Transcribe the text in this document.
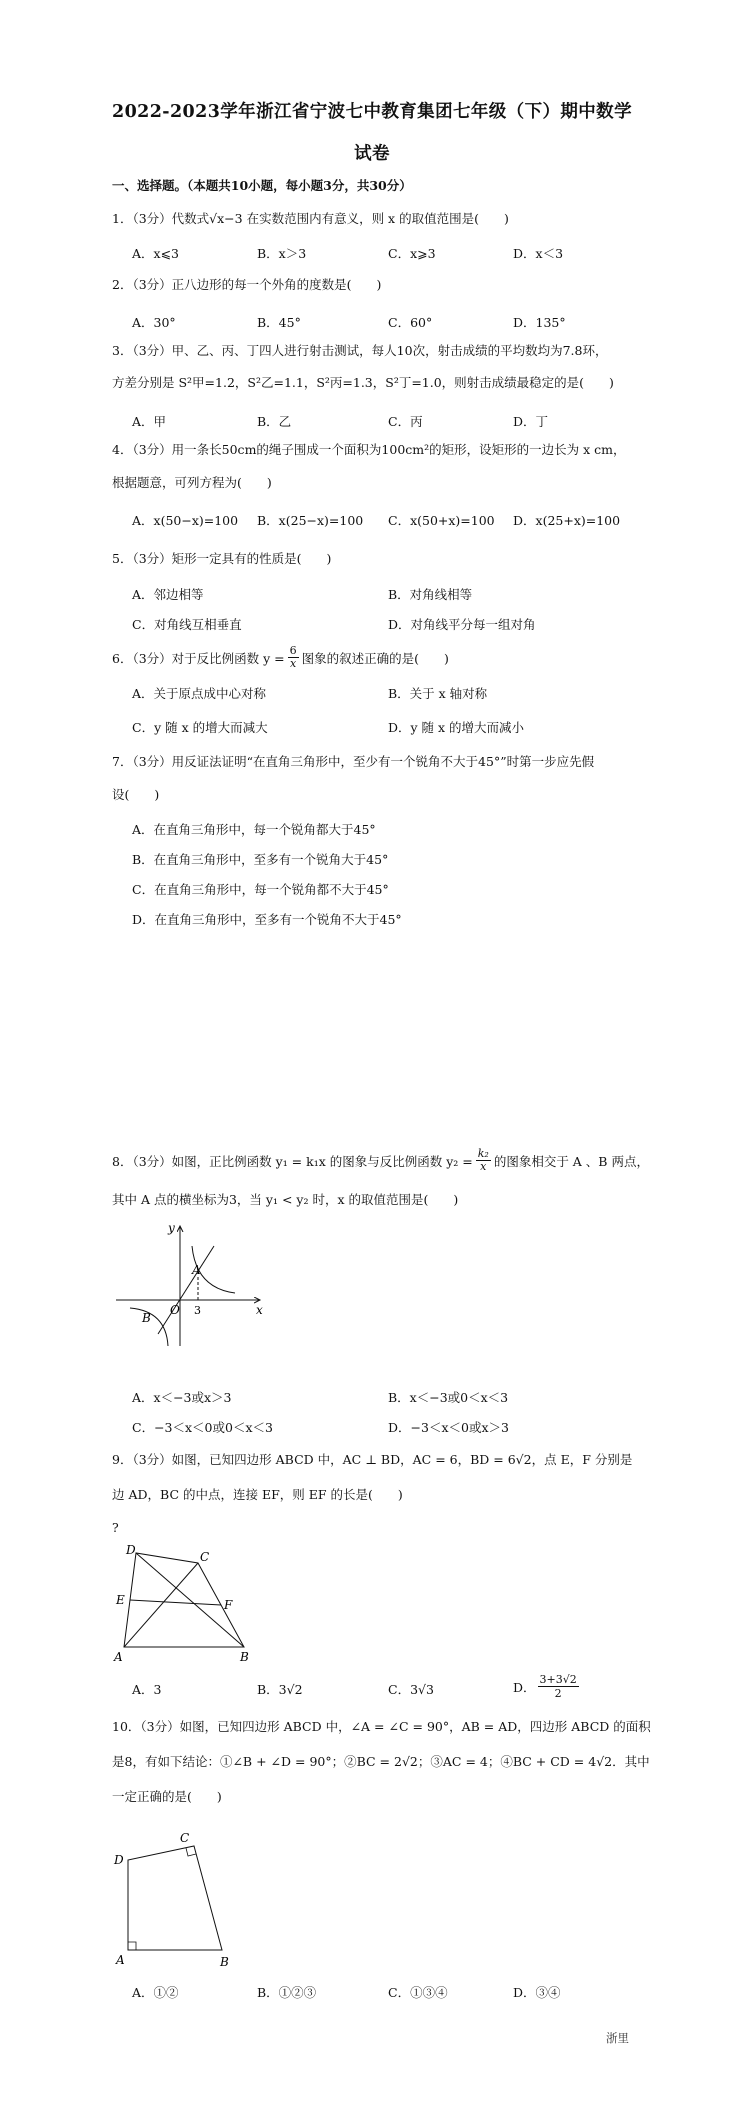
2022-2023学年浙江省宁波七中教育集团七年级（下）期中数学
试卷
一、选择题。（本题共10小题，每小题3分，共30分）
1．（3分）代数式√x−3 在实数范围内有意义，则 x 的取值范围是(　　)
A．x⩽3	B．x＞3	C．x⩾3	D．x＜3
2．（3分）正八边形的每一个外角的度数是(　　)
A．30°	B．45°	C．60°	D．135°
3．（3分）甲、乙、丙、丁四人进行射击测试，每人10次，射击成绩的平均数均为7.8环，
方差分别是 S²甲=1.2，S²乙=1.1，S²丙=1.3，S²丁=1.0，则射击成绩最稳定的是(　　)
A．甲	B．乙	C．丙	D．丁
4．（3分）用一条长50cm的绳子围成一个面积为100cm²的矩形，设矩形的一边长为 x cm，
根据题意，可列方程为(　　)
A．x(50−x)=100 B．x(25−x)=100 C．x(50+x)=100 D．x(25+x)=100
5．（3分）矩形一定具有的性质是(　　)
A．邻边相等	B．对角线相等
C．对角线互相垂直	D．对角线平分每一组对角
6．（3分）对于反比例函数 $y = \frac{6}{x}$ 图象的叙述正确的是(　　)
A．关于原点成中心对称	B．关于 x 轴对称
C．y 随 x 的增大而减大	D．y 随 x 的增大而减小
7．（3分）用反证法证明“在直角三角形中，至少有一个锐角不大于45°”时第一步应先假
设(　　)
A．在直角三角形中，每一个锐角都大于45°
B．在直角三角形中，至多有一个锐角大于45°
C．在直角三角形中，每一个锐角都不大于45°
D．在直角三角形中，至多有一个锐角不大于45°
8．（3分）如图，正比例函数 y₁ = k₁x 的图象与反比例函数 $y_2 = \frac{\text{k₂}}{x}$ 的图象相交于 A 、B 两点，
其中 A 点的横坐标为3，当 y₁ < y₂ 时，x 的取值范围是(　　)
y
x
A
B
O 3
A．x＜−3或x＞3	B．x＜−3或0＜x＜3
C．−3＜x＜0或0＜x＜3	D．−3＜x＜0或x＞3
9．（3分）如图，已知四边形 ABCD 中，AC ⊥ BD，AC = 6，BD = 6√2，点 E，F 分别是
边 AD，BC 的中点，连接 EF，则 EF 的长是(　　)
?
A	B
C
D
E	F
A．3	B．3√2	C．3√3	D． $\frac{3+3√2}{2}$
10．（3分）如图，已知四边形 ABCD 中，∠A = ∠C = 90°，AB = AD，四边形 ABCD 的面积
是8，有如下结论：①∠B + ∠D = 90°；②BC = 2√2；③AC = 4；④BC + CD = 4√2．其中
一定正确的是(　　)
A	B
C
D
A．①②	B．①②③	C．①③④	D．③④
浙里
